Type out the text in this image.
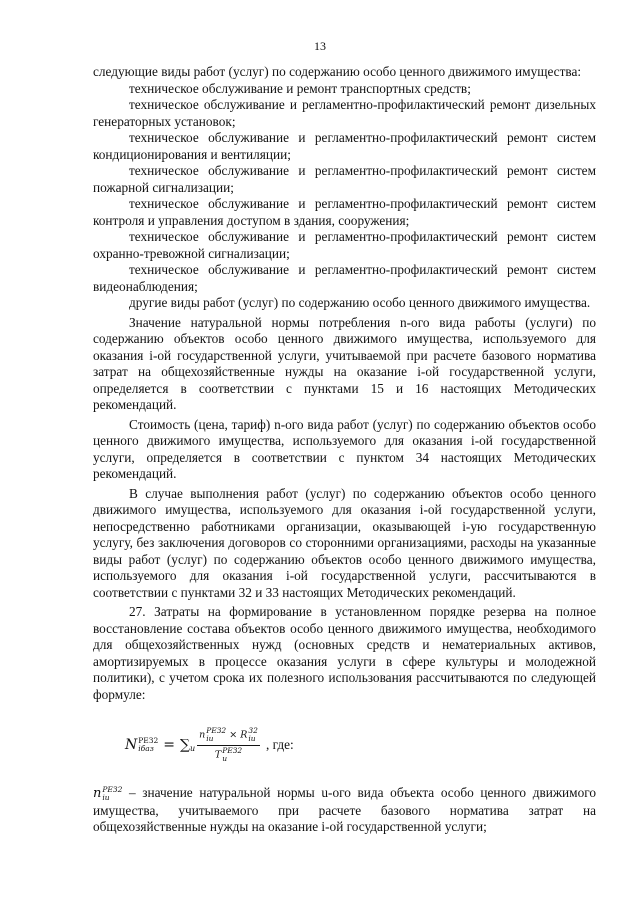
13

следующие виды работ (услуг) по содержанию особо ценного движимого имущества:

техническое обслуживание и ремонт транспортных средств;

техническое обслуживание и регламентно-профилактический ремонт дизельных генераторных установок;

техническое обслуживание и регламентно-профилактический ремонт систем кондиционирования и вентиляции;

техническое обслуживание и регламентно-профилактический ремонт систем пожарной сигнализации;

техническое обслуживание и регламентно-профилактический ремонт систем контроля и управления доступом в здания, сооружения;

техническое обслуживание и регламентно-профилактический ремонт систем охранно-тревожной сигнализации;

техническое обслуживание и регламентно-профилактический ремонт систем видеонаблюдения;

другие виды работ (услуг) по содержанию особо ценного движимого имущества.

Значение натуральной нормы потребления n-ого вида работы (услуги) по содержанию объектов особо ценного движимого имущества, используемого для оказания i-ой государственной услуги, учитываемой при расчете базового норматива затрат на общехозяйственные нужды на оказание i-ой государственной услуги, определяется в соответствии с пунктами 15 и 16 настоящих Методических рекомендаций.

Стоимость (цена, тариф) n-ого вида работ (услуг) по содержанию объектов особо ценного движимого имущества, используемого для оказания i-ой государственной услуги, определяется в соответствии с пунктом 34 настоящих Методических рекомендаций.

В случае выполнения работ (услуг) по содержанию объектов особо ценного движимого имущества, используемого для оказания i-ой государственной услуги, непосредственно работниками организации, оказывающей i-ую государственную услугу, без заключения договоров со сторонними организациями, расходы на указанные виды работ (услуг) по содержанию объектов особо ценного движимого имущества, используемого для оказания i-ой государственной услуги, рассчитываются в соответствии с пунктами 32 и 33 настоящих Методических рекомендаций.

27. Затраты на формирование в установленном порядке резерва на полное восстановление состава объектов особо ценного движимого имущества, необходимого для общехозяйственных нужд (основных средств и нематериальных активов, амортизируемых в процессе оказания услуги в сфере культуры и молодежной политики), с учетом срока их полезного использования рассчитываются по следующей формуле:

N РЕЗ2
iбаз = ∑ u n РЕЗ2
iu	× R 32
iu
T РЕЗ2
u , где:

n РЕЗ2
iu – значение натуральной нормы u-ого вида объекта особо ценного движимого имущества, учитываемого при расчете базового норматива затрат на общехозяйственные нужды на оказание i-ой государственной услуги;
